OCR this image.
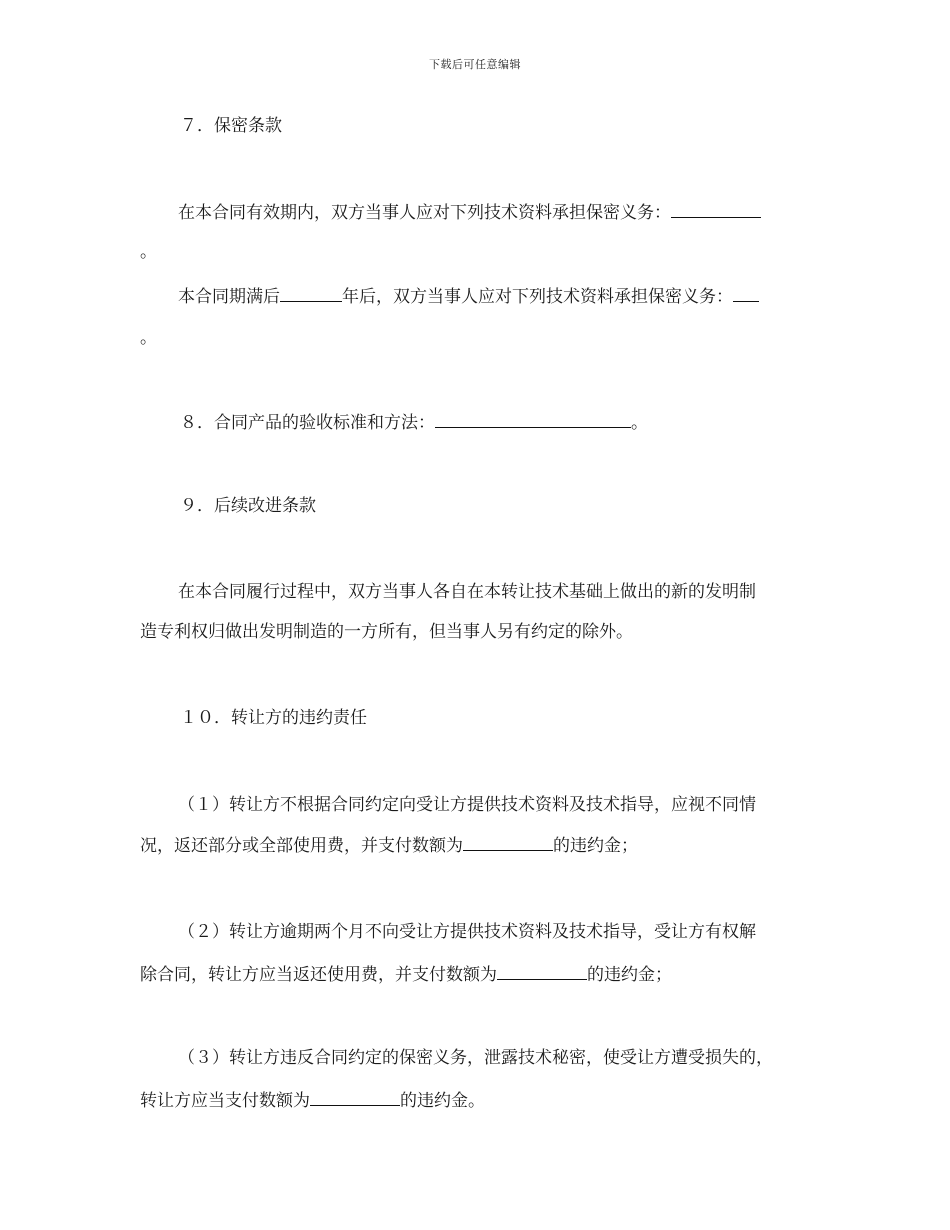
下载后可任意编辑
７．保密条款
在本合同有效期内，双方当事人应对下列技术资料承担保密义务：
。
本合同期满后	年后，双方当事人应对下列技术资料承担保密义务：
。
８．合同产品的验收标准和方法：	。
９．后续改进条款
在本合同履行过程中，双方当事人各自在本转让技术基础上做出的新的发明制
造专利权归做出发明制造的一方所有，但当事人另有约定的除外。
１０．转让方的违约责任
（１）转让方不根据合同约定向受让方提供技术资料及技术指导，应视不同情
况，返还部分或全部使用费，并支付数额为	的违约金；
（２）转让方逾期两个月不向受让方提供技术资料及技术指导，受让方有权解
除合同，转让方应当返还使用费，并支付数额为	的违约金；
（３）转让方违反合同约定的保密义务，泄露技术秘密，使受让方遭受损失的，
转让方应当支付数额为	的违约金。
